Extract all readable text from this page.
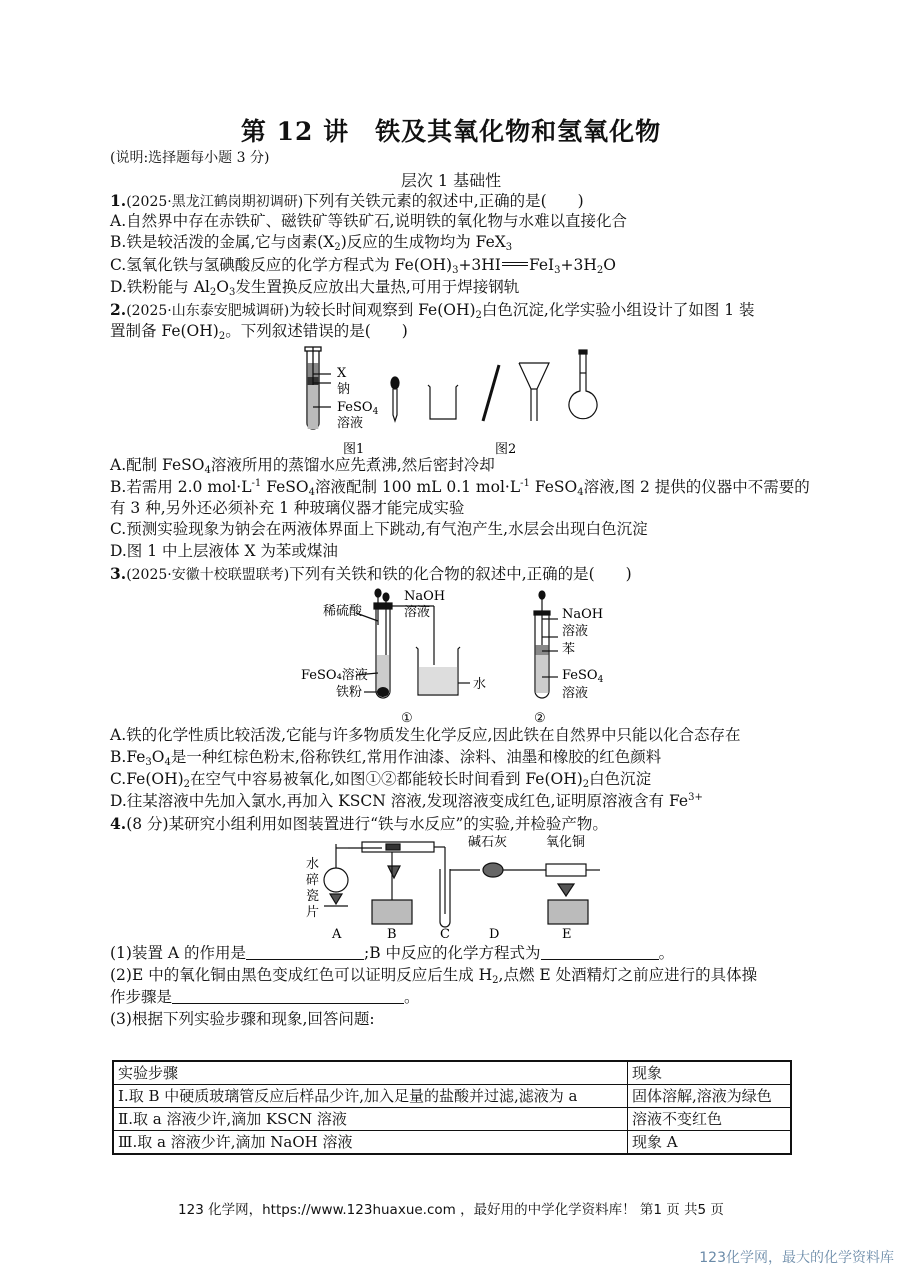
第 12 讲　铁及其氧化物和氢氧化物
(说明:选择题每小题 3 分)
层次 1 基础性
1.(2025·黑龙江鹤岗期初调研)下列有关铁元素的叙述中,正确的是(　　)
A.自然界中存在赤铁矿、磁铁矿等铁矿石,说明铁的氧化物与水难以直接化合
B.铁是较活泼的金属,它与卤素$(X_2)$反应的生成物均为 FeX$_3$
C.氢氧化铁与氢碘酸反应的化学方程式为 $Fe(OH)_3+3HI$ $FeI_3+3H_2O$
D.铁粉能与 $Al_2O_3$发生置换反应放出大量热,可用于焊接钢轨
2.(2025·山东泰安肥城调研)为较长时间观察到 $Fe(OH)_2$白色沉淀,化学实验小组设计了如图 1 装
置制备 $Fe(OH)_2$。下列叙述错误的是(　　)
X
钠
FeSO$_4$
溶液
图1	图2
A.配制 FeSO$_4$溶液所用的蒸馏水应先煮沸,然后密封冷却
B.若需用 2.0 $mol\cdot L^{-1}$ FeSO$_4$溶液配制 100 mL 0.1 $mol\cdot L^{-1}$ FeSO$_4$溶液,图 2 提供的仪器中不需要的
有 3 种,另外还必须补充 1 种玻璃仪器才能完成实验
C.预测实验现象为钠会在两液体界面上下跳动,有气泡产生,水层会出现白色沉淀
D.图 1 中上层液体 X 为苯或煤油
3.(2025·安徽十校联盟联考)下列有关铁和铁的化合物的叙述中,正确的是(　　)
稀硫酸
NaOH
溶液
FeSO₄溶液
铁粉
水
NaOH
溶液
苯
FeSO$_4$
溶液
①	②
A.铁的化学性质比较活泼,它能与许多物质发生化学反应,因此铁在自然界中只能以化合态存在
$B.Fe_3O_4$是一种红棕色粉末,俗称铁红,常用作油漆、涂料、油墨和橡胶的红色颜料
$C.Fe(OH)_2$在空气中容易被氧化,如图①②都能较长时间看到 $Fe(OH)_2$白色沉淀
D.往某溶液中先加入氯水,再加入 KSCN 溶液,发现溶液变成红色,证明原溶液含有 $Fe^{3+}$
4.(8 分)某研究小组利用如图装置进行“铁与水反应”的实验,并检验产物。
水
碎
瓷
片
碱石灰	氧化铜
A	B	C	D	E
(1)装置 A 的作用是	;B 中反应的化学方程式为	。
(2)E 中的氧化铜由黑色变成红色可以证明反应后生成 $H_2$,点燃 E 处酒精灯之前应进行的具体操
作步骤是	。
(3)根据下列实验步骤和现象,回答问题:
实验步骤	现象
Ⅰ.取 B 中硬质玻璃管反应后样品少许,加入足量的盐酸并过滤,滤液为 a	固体溶解,溶液为绿色
Ⅱ.取 a 溶液少许,滴加 KSCN 溶液	溶液不变红色
Ⅲ.取 a 溶液少许,滴加 NaOH 溶液	现象 A
123 化学网，https://www.123huaxue.com ，最好用的中学化学资料库！ 第1 页 共5 页
123化学网，最大的化学资料库
